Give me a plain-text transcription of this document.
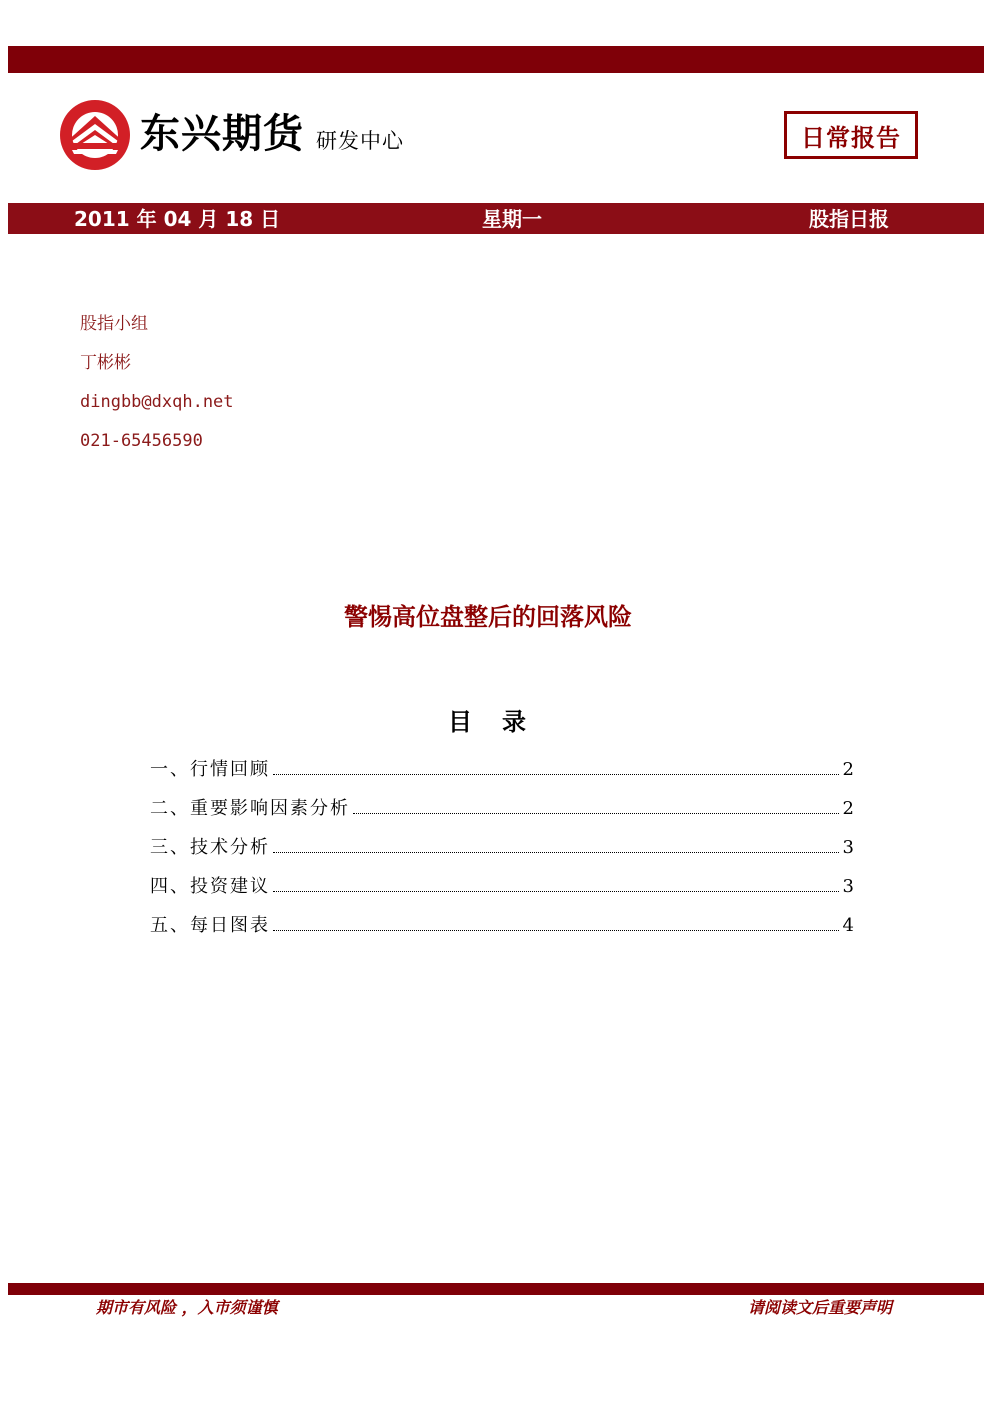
东兴期货 研发中心	日常报告
2011 年 04 月 18 日	星期一	股指日报
股指小组
丁彬彬
dingbb@dxqh.net
021-65456590
警惕高位盘整后的回落风险
目录
一、行情回顾	2
二、重要影响因素分析	2
三、技术分析	3
四、投资建议	3
五、每日图表	4
期市有风险 ，入市须谨慎	请阅读文后重要声明
